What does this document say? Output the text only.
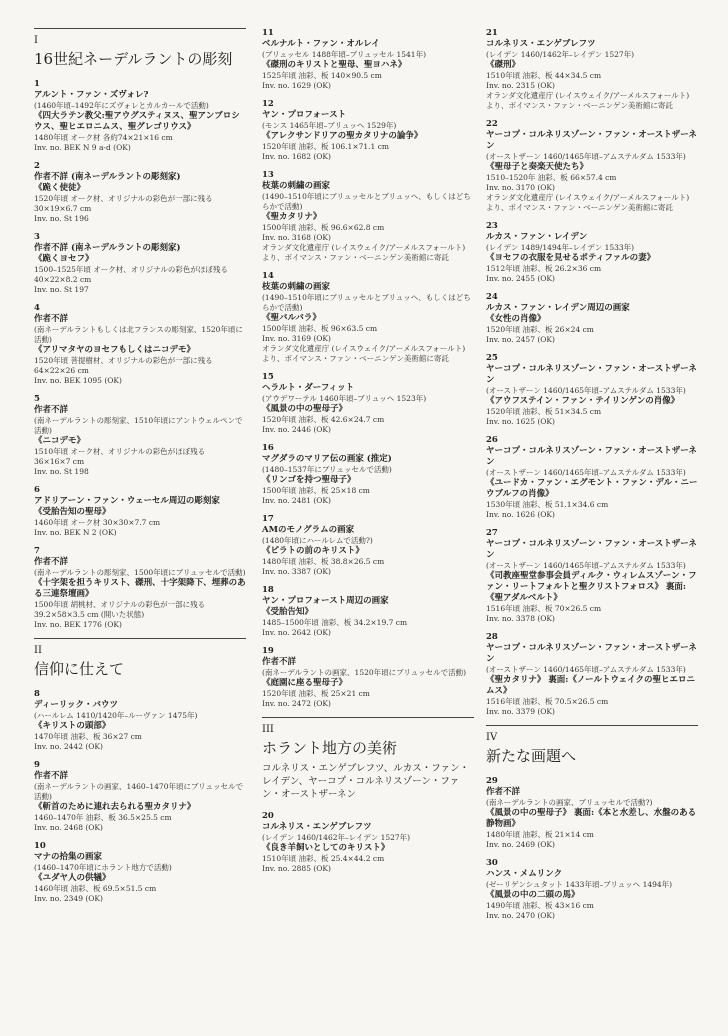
I
16世紀ネーデルラントの彫刻
1
アルント・ファン・ズヴォレ?
(1460年頃–1492年にズヴォレとカルカールで活動)
《四大ラテン教父:聖アウグスティヌス、聖アンブロシウス、聖ヒエロニムス、聖グレゴリウス》
1480年頃 オーク材 各約74×21×16 cm
Inv. no. BEK N 9 a-d (OK)
2
作者不詳 (南ネーデルラントの彫刻家)
《跪く使徒》
1520年頃 オーク材、オリジナルの彩色が一部に残る
30×19×6.7 cm
Inv. no. St 196
3
作者不詳 (南ネーデルラントの彫刻家)
《跪くヨセフ》
1500–1525年頃 オーク材、オリジナルの彩色がほぼ残る
40×22×8.2 cm
Inv. no. St 197
4
作者不詳
(南ネーデルラントもしくは北フランスの彫刻家、1520年頃に活動)
《アリマタヤのヨセフもしくはニコデモ》
1520年頃 菩提樹材、オリジナルの彩色が一部に残る
64×22×26 cm
Inv. no. BEK 1095 (OK)
5
作者不詳
(南ネーデルラントの彫刻家、1510年頃にアントウェルペンで活動)
《ニコデモ》
1510年頃 オーク材、オリジナルの彩色がほぼ残る
36×16×7 cm
Inv. no. St 198
6
アドリアーン・ファン・ウェーセル周辺の彫刻家
《受胎告知の聖母》
1460年頃 オーク材 30×30×7.7 cm
Inv. no. BEK N 2 (OK)
7
作者不詳
(南ネーデルラントの彫刻家、1500年頃にブリュッセルで活動)
《十字架を担うキリスト、磔刑、十字架降下、埋葬のある三連祭壇画》
1500年頃 胡桃材、オリジナルの彩色が一部に残る
39.2×58×3.5 cm (開いた状態)
Inv. no. BEK 1776 (OK)
II
信仰に仕えて
8
ディーリック・バウツ
(ハールレム 1410/1420年–ルーヴァン 1475年)
《キリストの頭部》
1470年頃 油彩、板 36×27 cm
Inv. no. 2442 (OK)
9
作者不詳
(南ネーデルラントの画家、1460–1470年頃にブリュッセルで活動)
《斬首のために連れ去られる聖カタリナ》
1460–1470年 油彩、板 36.5×25.5 cm
Inv. no. 2468 (OK)
10
マナの拾集の画家
(1460–1470年頃にホラント地方で活動)
《ユダヤ人の供犠》
1460年頃 油彩、板 69.5×51.5 cm
Inv. no. 2349 (OK)
11
ベルナルト・ファン・オルレイ
(ブリュッセル 1488年頃–ブリュッセル 1541年)
《磔刑のキリストと聖母、聖ヨハネ》
1525年頃 油彩、板 140×90.5 cm
Inv. no. 1629 (OK)
12
ヤン・プロフォースト
(モンス 1465年頃–ブリュッヘ 1529年)
《アレクサンドリアの聖カタリナの論争》
1520年頃 油彩、板 106.1×71.1 cm
Inv. no. 1682 (OK)
13
枝葉の刺繍の画家
(1490–1510年頃にブリュッセルとブリュッヘ、もしくはどちらかで活動)
《聖カタリナ》
1500年頃 油彩、板 96.6×62.8 cm
Inv. no. 3168 (OK)
オランダ文化遺産庁 (レイスウェイク/アーメルスフォールト) より、ボイマンス・ファン・ベーニンゲン美術館に寄託
14
枝葉の刺繍の画家
(1490–1510年頃にブリュッセルとブリュッヘ、もしくはどちらかで活動)
《聖バルバラ》
1500年頃 油彩、板 96×63.5 cm
Inv. no. 3169 (OK)
オランダ文化遺産庁 (レイスウェイク/アーメルスフォールト) より、ボイマンス・ファン・ベーニンゲン美術館に寄託
15
ヘラルト・ダーフィット
(アウデワーテル 1460年頃–ブリュッヘ 1523年)
《風景の中の聖母子》
1520年頃 油彩、板 42.6×24.7 cm
Inv. no. 2446 (OK)
16
マグダラのマリア伝の画家 (推定)
(1480–1537年にブリュッセルで活動)
《リンゴを持つ聖母子》
1500年頃 油彩、板 25×18 cm
Inv. no. 2481 (OK)
17
AMのモノグラムの画家
(1480年頃にハールレムで活動?)
《ピラトの前のキリスト》
1480年頃 油彩、板 38.8×26.5 cm
Inv. no. 3387 (OK)
18
ヤン・プロフォースト周辺の画家
《受胎告知》
1485–1500年頃 油彩、板 34.2×19.7 cm
Inv. no. 2642 (OK)
19
作者不詳
(南ネーデルラントの画家、1520年頃にブリュッセルで活動)
《庭園に座る聖母子》
1520年頃 油彩、板 25×21 cm
Inv. no. 2472 (OK)
III
ホラント地方の美術
コルネリス・エンゲブレフツ、ルカス・ファン・レイデン、ヤーコプ・コルネリスゾーン・ファン・オーストザーネン
20
コルネリス・エンゲブレフツ
(レイデン 1460/1462年–レイデン 1527年)
《良き羊飼いとしてのキリスト》
1510年頃 油彩、板 25.4×44.2 cm
Inv. no. 2885 (OK)
21
コルネリス・エンゲブレフツ
(レイデン 1460/1462年–レイデン 1527年)
《磔刑》
1510年頃 油彩、板 44×34.5 cm
Inv. no. 2315 (OK)
オランダ文化遺産庁 (レイスウェイク/アーメルスフォールト) より、ボイマンス・ファン・ベーニンゲン美術館に寄託
22
ヤーコプ・コルネリスゾーン・ファン・オーストザーネン
(オーストザーン 1460/1465年頃–アムステルダム 1533年)
《聖母子と奏楽天使たち》
1510–1520年 油彩、板 66×57.4 cm
Inv. no. 3170 (OK)
オランダ文化遺産庁 (レイスウェイク/アーメルスフォールト) より、ボイマンス・ファン・ベーニンゲン美術館に寄託
23
ルカス・ファン・レイデン
(レイデン 1489/1494年–レイデン 1533年)
《ヨセフの衣服を見せるポティファルの妻》
1512年頃 油彩、板 26.2×36 cm
Inv. no. 2455 (OK)
24
ルカス・ファン・レイデン周辺の画家
《女性の肖像》
1520年頃 油彩、板 26×24 cm
Inv. no. 2457 (OK)
25
ヤーコプ・コルネリスゾーン・ファン・オーストザーネン
(オーストザーン 1460/1465年頃–アムステルダム 1533年)
《アウフステイン・ファン・テイリンゲンの肖像》
1520年頃 油彩、板 51×34.5 cm
Inv. no. 1625 (OK)
26
ヤーコプ・コルネリスゾーン・ファン・オーストザーネン
(オーストザーン 1460/1465年頃–アムステルダム 1533年)
《ユードカ・ファン・エグモント・ファン・デル・ニーウブルフの肖像》
1530年頃 油彩、板 51.1×34.6 cm
Inv. no. 1626 (OK)
27
ヤーコプ・コルネリスゾーン・ファン・オーストザーネン
(オーストザーン 1460/1465年頃–アムステルダム 1533年)
《司教座聖堂参事会員ディルク・ウィレムスゾーン・ファン・リートフォルトと聖クリストフォロス》 裏面:《聖アダルベルト》
1516年頃 油彩、板 70×26.5 cm
Inv. no. 3378 (OK)
28
ヤーコプ・コルネリスゾーン・ファン・オーストザーネン
(オーストザーン 1460/1465年頃–アムステルダム 1533年)
《聖カタリナ》 裏面:《ノールトウェイクの聖ヒエロニムス》
1516年頃 油彩、板 70.5×26.5 cm
Inv. no. 3379 (OK)
IV
新たな画題へ
29
作者不詳
(南ネーデルラントの画家、ブリュッセルで活動?)
《風景の中の聖母子》 裏面:《本と水差し、水盤のある静物画》
1480年頃 油彩、板 21×14 cm
Inv. no. 2469 (OK)
30
ハンス・メムリンク
(ゼーリゲンシュタット 1433年頃–ブリュッヘ 1494年)
《風景の中の二頭の馬》
1490年頃 油彩、板 43×16 cm
Inv. no. 2470 (OK)
